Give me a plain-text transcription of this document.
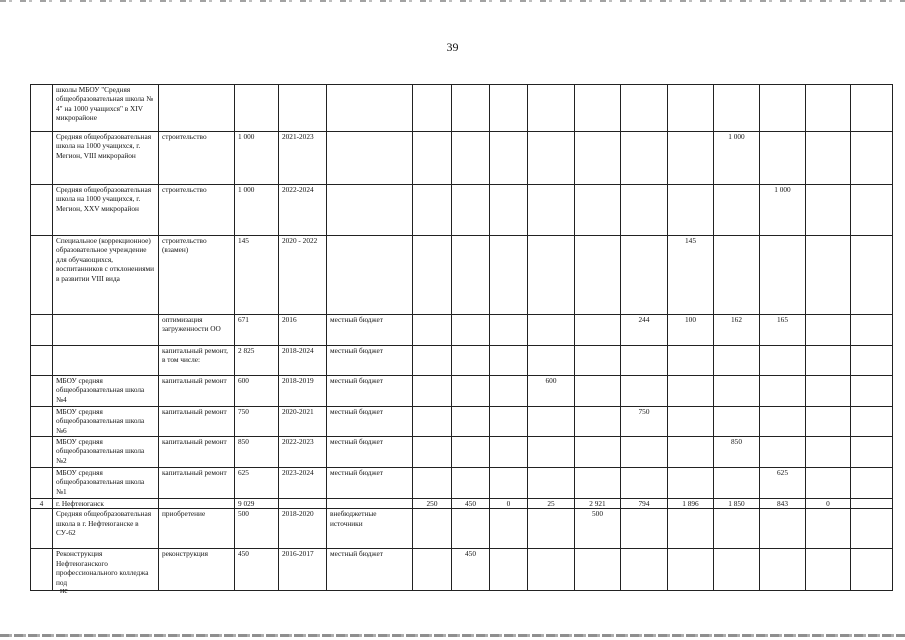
39
	школы МБОУ "Средняя общеобразовательная школа № 4" на 1000 учащихся" в XIV микрорайоне															
	Средняя общеобразовательная школа на 1000 учащихся, г. Мегион, VIII микрорайон	строительство	1 000	2021-2023									1 000			
	Средняя общеобразовательная школа на 1000 учащихся, г. Мегион, XXV микрорайон	строительство	1 000	2022-2024										1 000		
	Специальное (коррекционное) образовательное учреждение для обучающихся, воспитанников с отклонениями в развитии VIII вида	строительство (взамен)	145	2020 - 2022								145				
		оптимизация загруженности ОО	671	2016	местный бюджет						244	100	162	165		
		капитальный ремонт, в том числе:	2 825	2018-2024	местный бюджет											
	МБОУ средняя общеобразовательная школа №4	капитальный ремонт	600	2018-2019	местный бюджет				600							
	МБОУ средняя общеобразовательная школа №6	капитальный ремонт	750	2020-2021	местный бюджет						750					
	МБОУ средняя общеобразовательная школа №2	капитальный ремонт	850	2022-2023	местный бюджет								850			
	МБОУ средняя общеобразовательная школа №1	капитальный ремонт	625	2023-2024	местный бюджет									625		
4	г. Нефтеюганск		9 029			250	450	0	25	2 921	794	1 896	1 850	843	0	
	Средняя общеобразовательная школа в г. Нефтеюганске в СУ-62	приобретение	500	2018-2020	внебюджетные источники					500						
	Реконструкция Нефтеюганского профессионального колледжа под	реконструкция	450	2016-2017	местный бюджет		450									
не
